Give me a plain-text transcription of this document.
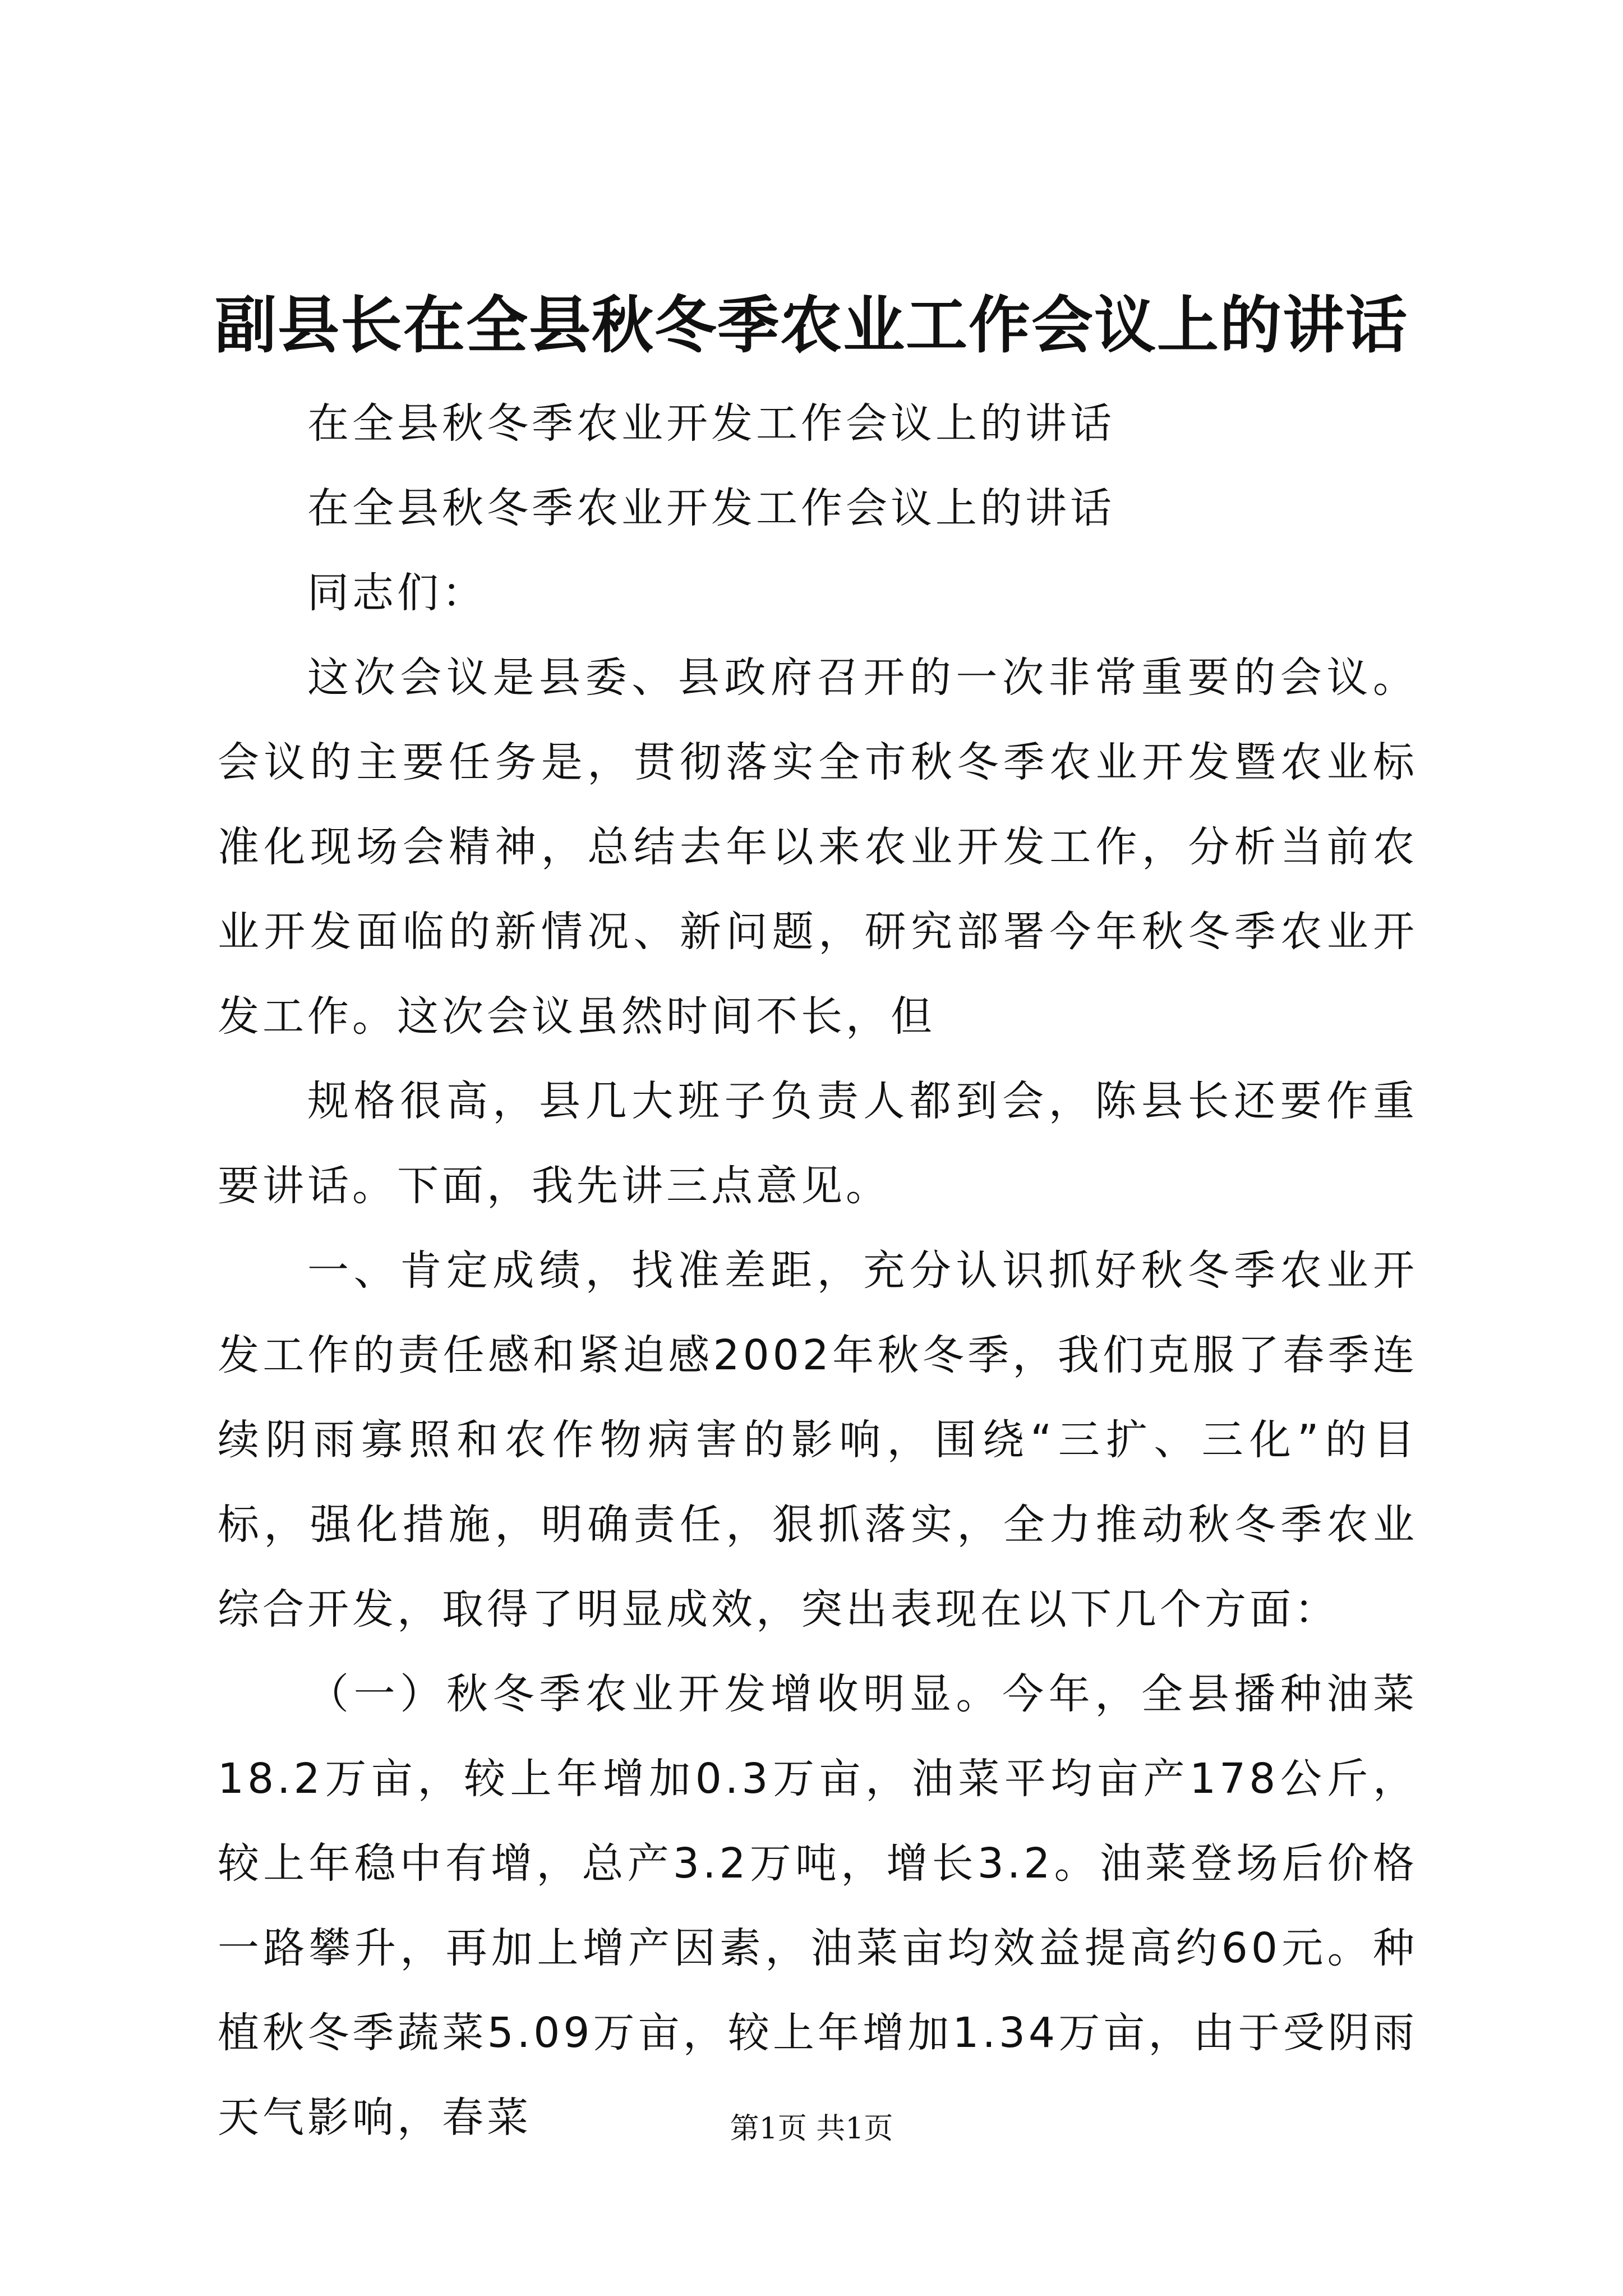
副县长在全县秋冬季农业工作会议上的讲话

在全县秋冬季农业开发工作会议上的讲话

在全县秋冬季农业开发工作会议上的讲话

同志们：

这次会议是县委、县政府召开的一次非常重要的会议。会议的主要任务是，贯彻落实全市秋冬季农业开发暨农业标准化现场会精神，总结去年以来农业开发工作，分析当前农业开发面临的新情况、新问题，研究部署今年秋冬季农业开发工作。这次会议虽然时间不长，但

规格很高，县几大班子负责人都到会，陈县长还要作重要讲话。下面，我先讲三点意见。

一、肯定成绩，找准差距，充分认识抓好秋冬季农业开发工作的责任感和紧迫感2002年秋冬季，我们克服了春季连续阴雨寡照和农作物病害的影响，围绕“三扩、三化”的目标，强化措施，明确责任，狠抓落实，全力推动秋冬季农业综合开发，取得了明显成效，突出表现在以下几个方面：

（一）秋冬季农业开发增收明显。今年，全县播种油菜18.2万亩，较上年增加0.3万亩，油菜平均亩产178公斤，较上年稳中有增，总产3.2万吨，增长3.2。油菜登场后价格一路攀升，再加上增产因素，油菜亩均效益提高约60元。种植秋冬季蔬菜5.09万亩，较上年增加1.34万亩，由于受阴雨天气影响，春菜	第1页 共1页
